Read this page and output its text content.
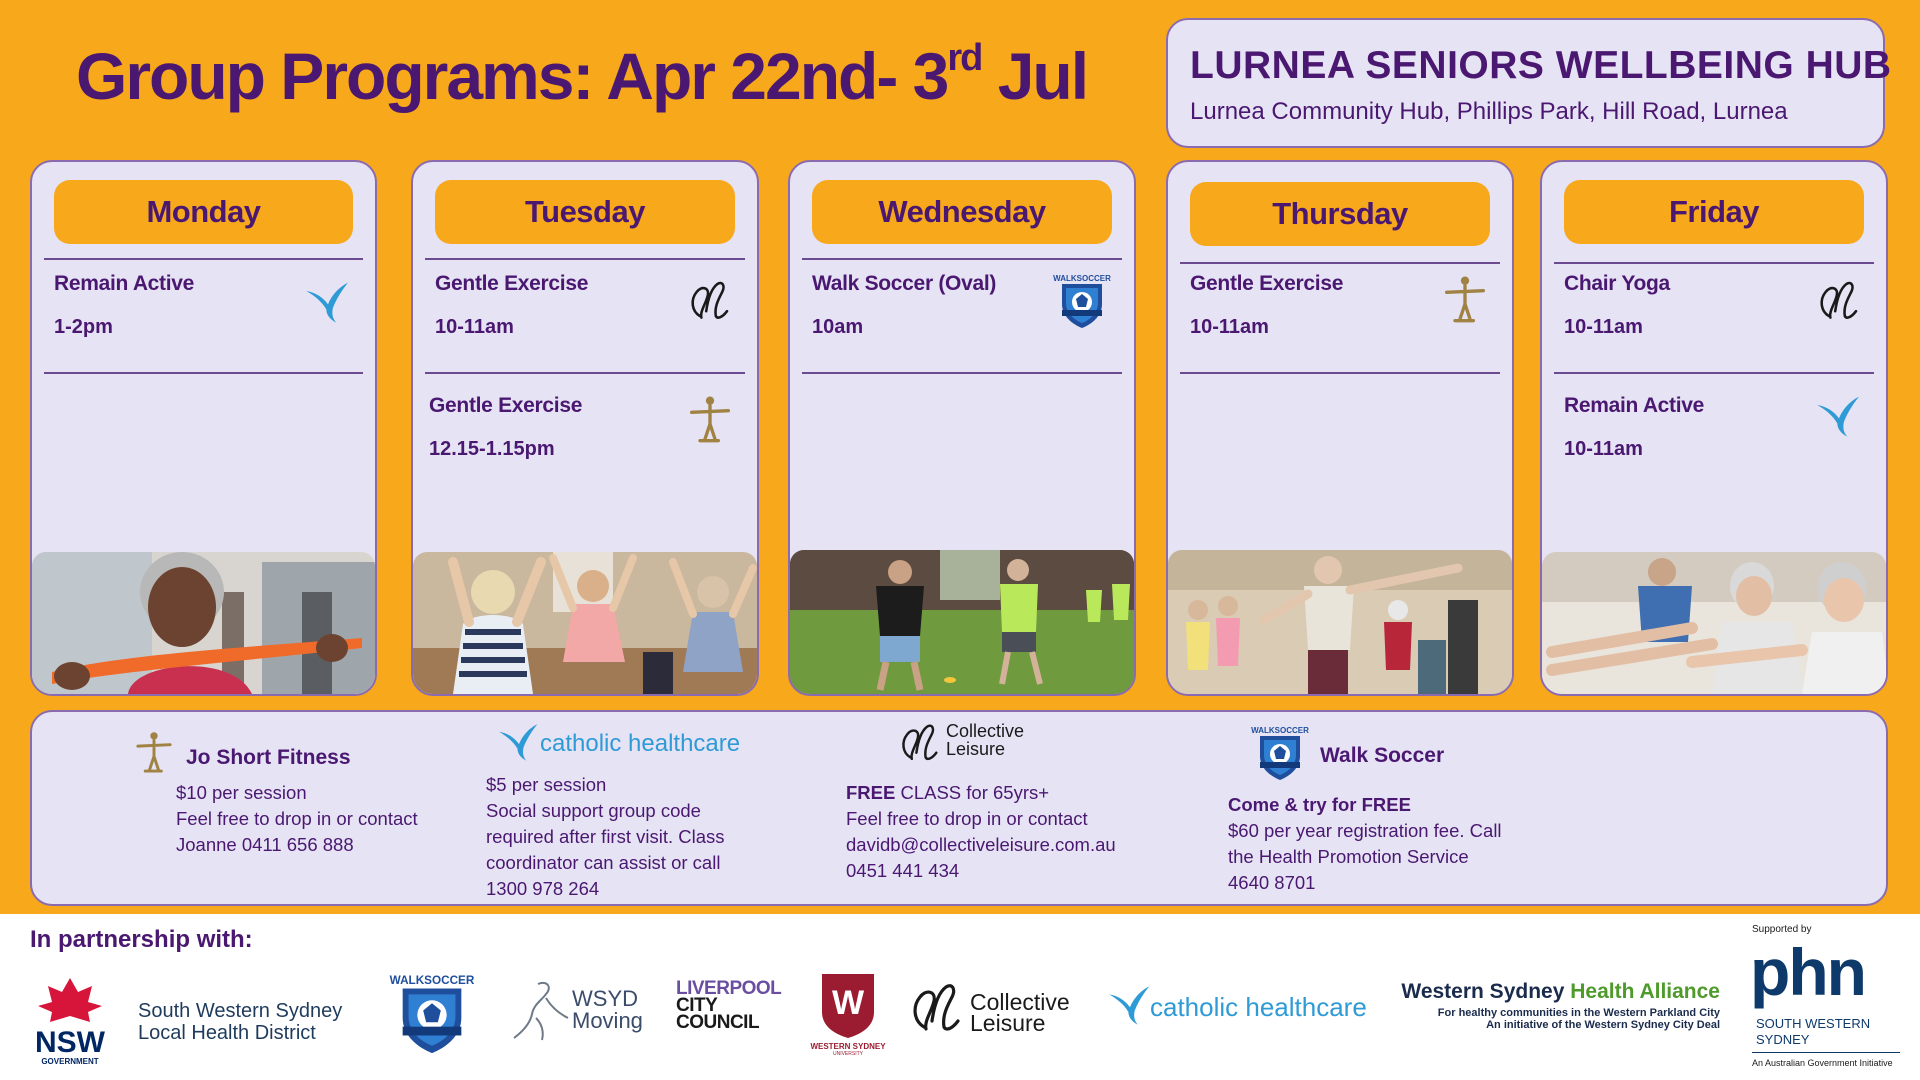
Group Programs: Apr 22nd- 3rd Jul	LURNEA SENIORS WELLBEING HUB
Lurnea Community Hub, Phillips Park, Hill Road, Lurnea
Monday
Remain Active
1-2pm
Tuesday
Gentle Exercise
10-11am
Gentle Exercise
12.15-1.15pm
Wednesday
Walk Soccer (Oval)
10am
Thursday
Gentle Exercise
10-11am
Friday
Chair Yoga
10-11am
Remain Active
10-11am
Jo Short Fitness
$10 per session
Feel free to drop in or contact
Joanne 0411 656 888
catholic healthcare
$5 per session
Social support group code
required after first visit. Class
coordinator can assist or call
1300 978 264
Collective
Leisure
FREE CLASS for 65yrs+
Feel free to drop in or contact
davidb@collectiveleisure.com.au
0451 441 434
Walk Soccer
Come & try for FREE
$60 per year registration fee. Call
the Health Promotion Service
4640 8701
In partnership with:
NSW
GOVERNMENT
South Western Sydney
Local Health District
WSYD
Moving
LIVERPOOL
CITY
COUNCIL
W
WESTERN SYDNEY
UNIVERSITY
Collective
Leisure
catholic healthcare
Western Sydney Health Alliance
For healthy communities in the Western Parkland City
An initiative of the Western Sydney City Deal
Supported by
phn
SOUTH WESTERN
SYDNEY
An Australian Government Initiative
